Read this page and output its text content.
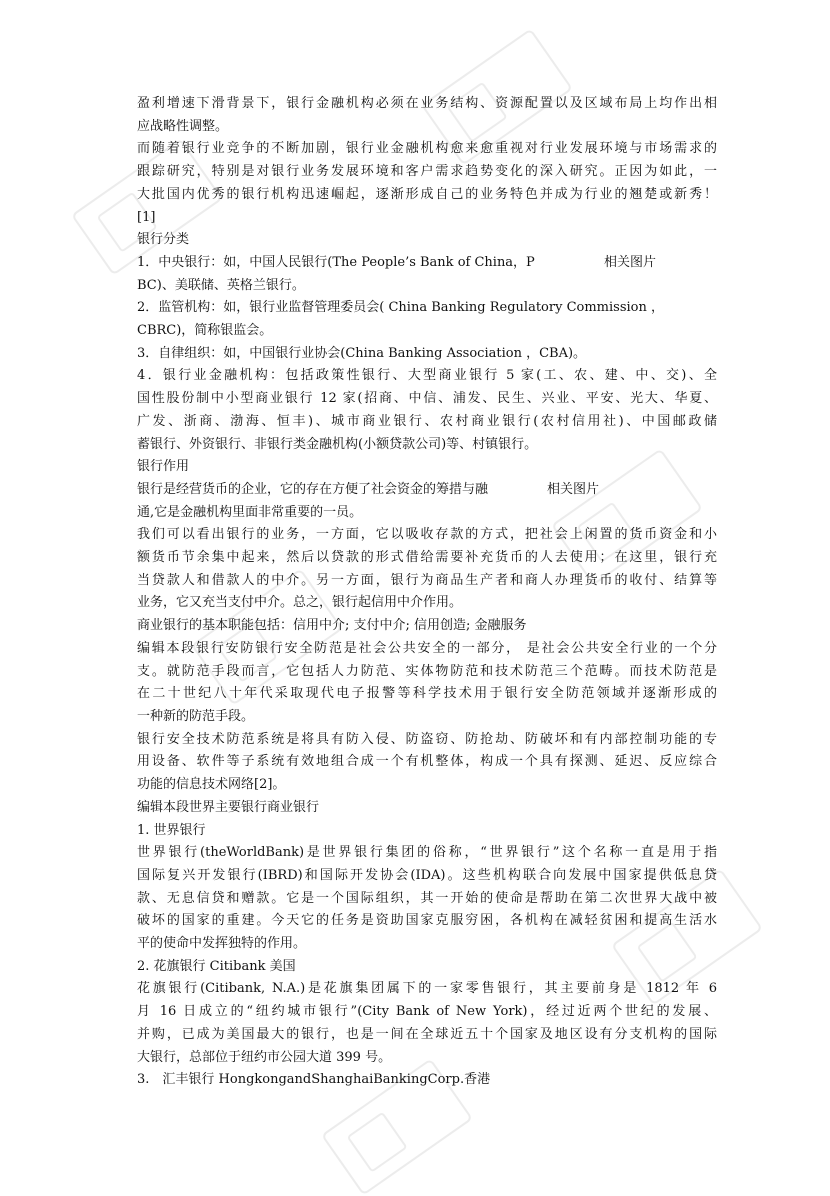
盈利增速下滑背景下，银行金融机构必须在业务结构、资源配置以及区域布局上均作出相

应战略性调整。

而随着银行业竞争的不断加剧，银行业金融机构愈来愈重视对行业发展环境与市场需求的

跟踪研究，特别是对银行业务发展环境和客户需求趋势变化的深入研究。正因为如此，一

大批国内优秀的银行机构迅速崛起，逐渐形成自己的业务特色并成为行业的翘楚或新秀！

[1]

银行分类

1．中央银行：如，中国人民银行(The People’s Bank of China，P	相关图片

BC)、美联储、英格兰银行。

2．监管机构：如，银行业监督管理委员会( China Banking Regulatory Commission ，

CBRC)，简称银监会。

3．自律组织：如，中国银行业协会(China Banking Association ，CBA)。

4．银行业金融机构：包括政策性银行、大型商业银行 5 家(工、农、建、中、交)、全

国性股份制中小型商业银行 12 家(招商、中信、浦发、民生、兴业、平安、光大、华夏、

广发、浙商、渤海、恒丰)、城市商业银行、农村商业银行(农村信用社)、中国邮政储

蓄银行、外资银行、非银行类金融机构(小额贷款公司)等、村镇银行。

银行作用

银行是经营货币的企业，它的存在方便了社会资金的筹措与融	相关图片

通,它是金融机构里面非常重要的一员。

我们可以看出银行的业务，一方面，它以吸收存款的方式，把社会上闲置的货币资金和小

额货币节余集中起来，然后以贷款的形式借给需要补充货币的人去使用；在这里，银行充

当贷款人和借款人的中介。另一方面，银行为商品生产者和商人办理货币的收付、结算等

业务，它又充当支付中介。总之，银行起信用中介作用。

商业银行的基本职能包括：信用中介; 支付中介; 信用创造; 金融服务

编辑本段银行安防银行安全防范是社会公共安全的一部分， 是社会公共安全行业的一个分

支。就防范手段而言，它包括人力防范、实体物防范和技术防范三个范畴。而技术防范是

在二十世纪八十年代采取现代电子报警等科学技术用于银行安全防范领域并逐渐形成的

一种新的防范手段。

银行安全技术防范系统是将具有防入侵、防盗窃、防抢劫、防破坏和有内部控制功能的专

用设备、软件等子系统有效地组合成一个有机整体，构成一个具有探测、延迟、反应综合

功能的信息技术网络[2]。

编辑本段世界主要银行商业银行

1. 世界银行

世界银行(theWorldBank)是世界银行集团的俗称，“世界银行”这个名称一直是用于指

国际复兴开发银行(IBRD)和国际开发协会(IDA)。这些机构联合向发展中国家提供低息贷

款、无息信贷和赠款。它是一个国际组织，其一开始的使命是帮助在第二次世界大战中被

破坏的国家的重建。今天它的任务是资助国家克服穷困，各机构在减轻贫困和提高生活水

平的使命中发挥独特的作用。

2. 花旗银行 Citibank 美国

花旗银行(Citibank, N.A.)是花旗集团属下的一家零售银行，其主要前身是 1812 年 6

月 16 日成立的“纽约城市银行”(City Bank of New York)，经过近两个世纪的发展、

并购，已成为美国最大的银行，也是一间在全球近五十个国家及地区设有分支机构的国际

大银行，总部位于纽约市公园大道 399 号。

3.　汇丰银行 HongkongandShanghaiBankingCorp.香港
